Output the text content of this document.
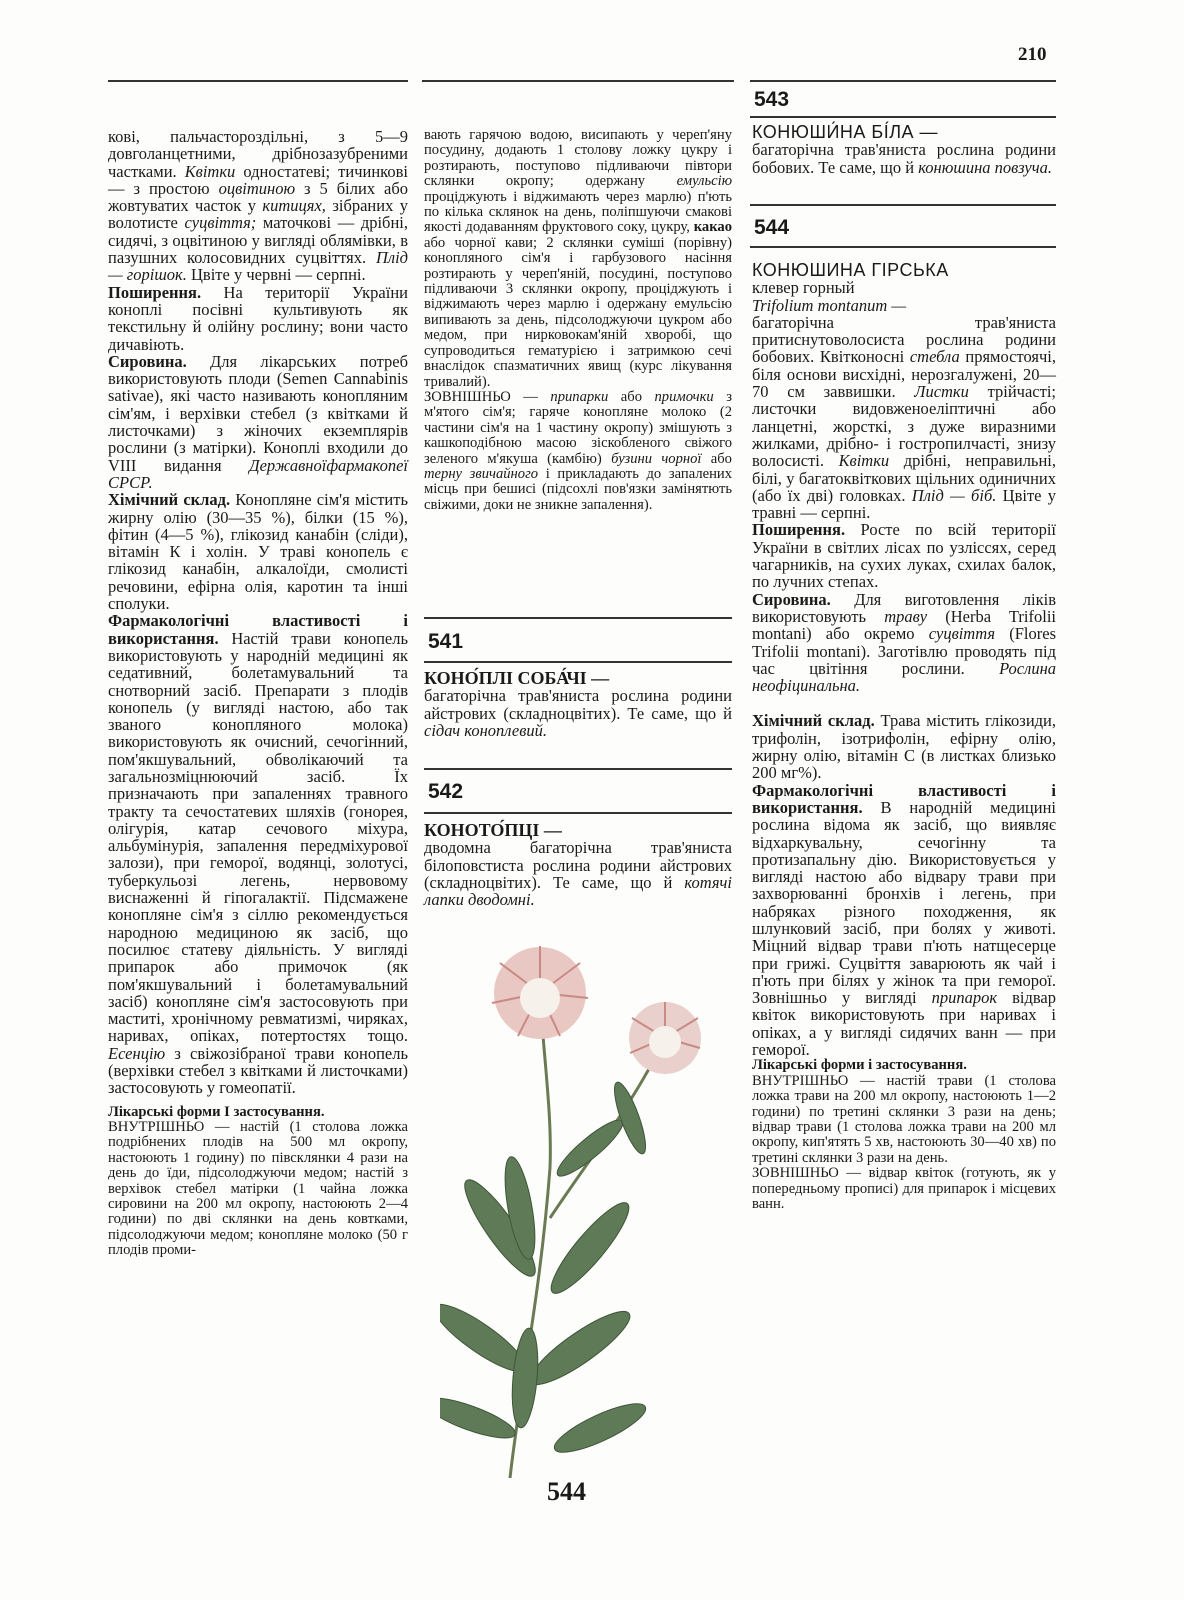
210

кові, пальчастороздільні, з 5—9 довголанцетними, дрібнозазубреними частками. Квітки одностатеві; тичинкові — з простою оцвітиною з 5 білих або жовтуватих часток у китицях, зібраних у волотисте суцвіття; маточкові — дрібні, сидячі, з оцвітиною у вигляді облямівки, в пазушних колосовидних суцвіттях. Плід — горішок. Цвіте у червні — серпні.

Поширення. На території України коноплі посівні культивують як текстильну й олійну рослину; вони часто дичавіють.

Сировина. Для лікарських потреб використовують плоди (Semen Cannabinis sativae), які часто називають конопляним сім'ям, і верхівки стебел (з квітками й листочками) з жіночих екземплярів рослини (з матірки). Коноплі входили до VIII видання Державноїфармакопеї СРСР.

Хімічний склад. Конопляне сім'я містить жирну олію (30—35 %), білки (15 %), фітин (4—5 %), глікозид канабін (сліди), вітамін К і холін. У траві конопель є глікозид канабін, алкалоїди, смолисті речовини, ефірна олія, каротин та інші сполуки.

Фармакологічні властивості і використання. Настій трави конопель використовують у народній медицині як седативний, болетамувальний та снотворний засіб. Препарати з плодів конопель (у вигляді настою, або так званого конопляного молока) використовують як очисний, сечогінний, пом'якшувальний, обволікаючий та загальнозміцнюючий засіб. Їх призначають при запаленнях травного тракту та сечостатевих шляхів (гонорея, олігурія, катар сечового міхура, альбумінурія, запалення передміхурової залози), при геморої, водянці, золотусі, туберкульозі легень, нервовому виснаженні й гіпогалактії. Підсмажене конопляне сім'я з сіллю рекомендується народною медициною як засіб, що посилює статеву діяльність. У вигляді припарок або примочок (як пом'якшувальний і болетамувальний засіб) конопляне сім'я застосовують при маститі, хронічному ревматизмі, чиряках, наривах, опіках, потертостях тощо. Есенцію з свіжозібраної трави конопель (верхівки стебел з квітками й листочками) застосовують у гомеопатії.

Лікарські форми І застосування.

ВНУТРІШНЬО — настій (1 столова ложка подрібнених плодів на 500 мл окропу, настоюють 1 годину) по півсклянки 4 рази на день до їди, підсолоджуючи медом; настій з верхівок стебел матірки (1 чайна ложка сировини на 200 мл окропу, настоюють 2—4 години) по дві склянки на день ковтками, підсолоджуючи медом; конопляне молоко (50 г плодів проми-

вають гарячою водою, висипають у череп'яну посудину, додають 1 столову ложку цукру і розтирають, поступово підливаючи півтори склянки окропу; одержану емульсію проціджують і віджимають через марлю) п'ють по кілька склянок на день, поліпшуючи смакові якості додаванням фруктового соку, цукру, какао або чорної кави; 2 склянки суміші (порівну) конопляного сім'я і гарбузового насіння розтирають у череп'яній, посудині, поступово підливаючи 3 склянки окропу, проціджують і віджимають через марлю і одержану емульсію випивають за день, підсолоджуючи цукром або медом, при нирковокам'яній хворобі, що супроводиться гематурією і затримкою сечі внаслідок спазматичних явищ (курс лікування тривалий).

ЗОВНІШНЬО — припарки або примочки з м'ятого сім'я; гаряче конопляне молоко (2 частини сім'я на 1 частину окропу) змішують з кашкоподібною масою зіскобленого свіжого зеленого м'якуша (камбію) бузини чорної або терну звичайного і прикладають до запалених місць при бешисі (підсохлі пов'язки замінятють свіжими, доки не зникне запалення).

541

КОНО́ПЛІ СОБА́ЧІ —

багаторічна трав'яниста рослина родини айстрових (складноцвітих). Те саме, що й сідач коноплевий.

542

КОНОТО́ПЦІ —

дводомна багаторічна трав'яниста білоповстиста рослина родини айстрових (складноцвітих). Те саме, що й котячі лапки дводомні.

544
543

КОНЮШИ́НА БІ́ЛА —

багаторічна трав'яниста рослина родини бобових. Те саме, що й конюшина повзуча.

544

КОНЮШИНА ГІРСЬКА

клевер горный

Trifolium montanum —

багаторічна трав'яниста притиснутоволосиста рослина родини бобових. Квітконосні стебла прямостоячі, біля основи висхідні, нерозгалужені, 20—70 см заввишки. Листки трійчасті; листочки видовженоеліптичні або ланцетні, жорсткі, з дуже виразними жилками, дрібно- і гостропилчасті, знизу волосисті. Квітки дрібні, неправильні, білі, у багатоквіткових щільних одиничних (або їх дві) головках. Плід — біб. Цвіте у травні — серпні.

Поширення. Росте по всій території України в світлих лісах по узліссях, серед чагарників, на сухих луках, схилах балок, по лучних степах.

Сировина. Для виготовлення ліків використовують траву (Herba Trifolii montani) або окремо суцвіття (Flores Trifolii montani). Заготівлю проводять під час цвітіння рослини. Рослина неофіцинальна.

Хімічний склад. Трава містить глікозиди, трифолін, ізотрифолін, ефірну олію, жирну олію, вітамін С (в листках близько 200 мг%).

Фармакологічні властивості і використання. В народній медицині рослина відома як засіб, що виявляє відхаркувальну, сечогінну та протизапальну дію. Використовується у вигляді настою або відвару трави при захворюванні бронхів і легень, при набряках різного походження, як шлунковий засіб, при болях у животі. Міцний відвар трави п'ють натщесерце при грижі. Суцвіття заварюють як чай і п'ють при білях у жінок та при геморої. Зовнішньо у вигляді припарок відвар квіток використовують при наривах і опіках, а у вигляді сидячих ванн — при геморої.

Лікарські форми і застосування.

ВНУТРІШНЬО — настій трави (1 столова ложка трави на 200 мл окропу, настоюють 1—2 години) по третині склянки 3 рази на день; відвар трави (1 столова ложка трави на 200 мл окропу, кип'ятять 5 хв, настоюють 30—40 хв) по третині склянки 3 рази на день.

ЗОВНІШНЬО — відвар квіток (готують, як у попередньому прописі) для припарок і місцевих ванн.
